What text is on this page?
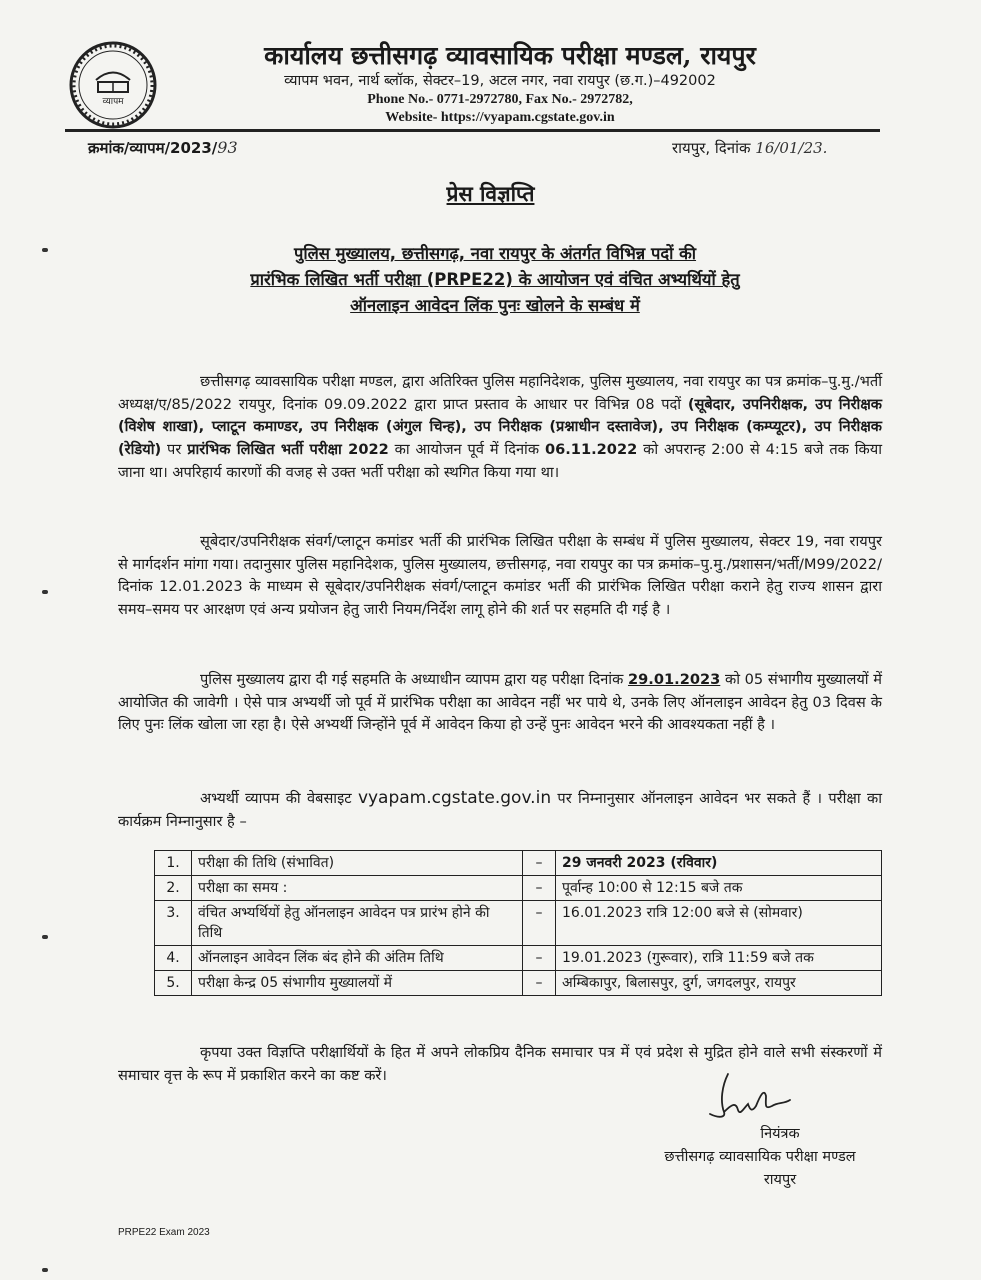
व्यापम
कार्यालय छत्तीसगढ़ व्यावसायिक परीक्षा मण्डल, रायपुर
व्यापम भवन, नार्थ ब्लॉक, सेक्टर–19, अटल नगर, नवा रायपुर (छ.ग.)–492002
Phone No.- 0771-2972780, Fax No.- 2972782,
Website- https://vyapam.cgstate.gov.in
क्रमांक/व्यापम/2023/93	रायपुर, दिनांक 16/01/23.
प्रेस विज्ञप्ति
पुलिस मुख्यालय, छत्तीसगढ़, नवा रायपुर के अंतर्गत विभिन्न पदों की
प्रारंभिक लिखित भर्ती परीक्षा (PRPE22) के आयोजन एवं वंचित अभ्यर्थियों हेतु
ऑनलाइन आवेदन लिंक पुनः खोलने के सम्बंध में

छत्तीसगढ़ व्यावसायिक परीक्षा मण्डल, द्वारा अतिरिक्त पुलिस महानिदेशक, पुलिस मुख्यालय, नवा रायपुर का पत्र क्रमांक–पु.मु./भर्ती अध्यक्ष/ए/85/2022 रायपुर, दिनांक 09.09.2022 द्वारा प्राप्त प्रस्ताव के आधार पर विभिन्न 08 पदों (सूबेदार, उपनिरीक्षक, उप निरीक्षक (विशेष शाखा), प्लाटून कमाण्डर, उप निरीक्षक (अंगुल चिन्ह), उप निरीक्षक (प्रश्नाधीन दस्तावेज), उप निरीक्षक (कम्प्यूटर), उप निरीक्षक (रेडियो) पर प्रारंभिक लिखित भर्ती परीक्षा 2022 का आयोजन पूर्व में दिनांक 06.11.2022 को अपरान्ह 2:00 से 4:15 बजे तक किया जाना था। अपरिहार्य कारणों की वजह से उक्त भर्ती परीक्षा को स्थगित किया गया था।

सूबेदार/उपनिरीक्षक संवर्ग/प्लाटून कमांडर भर्ती की प्रारंभिक लिखित परीक्षा के सम्बंध में पुलिस मुख्यालय, सेक्टर 19, नवा रायपुर से मार्गदर्शन मांगा गया। तदानुसार पुलिस महानिदेशक, पुलिस मुख्यालय, छत्तीसगढ़, नवा रायपुर का पत्र क्रमांक–पु.मु./प्रशासन/भर्ती/M99/2022/ दिनांक 12.01.2023 के माध्यम से सूबेदार/उपनिरीक्षक संवर्ग/प्लाटून कमांडर भर्ती की प्रारंभिक लिखित परीक्षा कराने हेतु राज्य शासन द्वारा समय–समय पर आरक्षण एवं अन्य प्रयोजन हेतु जारी नियम/निर्देश लागू होने की शर्त पर सहमति दी गई है ।

पुलिस मुख्यालय द्वारा दी गई सहमति के अध्याधीन व्यापम द्वारा यह परीक्षा दिनांक 29.01.2023 को 05 संभागीय मुख्यालयों में आयोजित की जावेगी । ऐसे पात्र अभ्यर्थी जो पूर्व में प्रारंभिक परीक्षा का आवेदन नहीं भर पाये थे, उनके लिए ऑनलाइन आवेदन हेतु 03 दिवस के लिए पुनः लिंक खोला जा रहा है। ऐसे अभ्यर्थी जिन्होंने पूर्व में आवेदन किया हो उन्हें पुनः आवेदन भरने की आवश्यकता नहीं है ।

अभ्यर्थी व्यापम की वेबसाइट vyapam.cgstate.gov.in पर निम्नानुसार ऑनलाइन आवेदन भर सकते हैं । परीक्षा का कार्यक्रम निम्नानुसार है –

1.	परीक्षा की तिथि (संभावित)	–	29 जनवरी 2023 (रविवार)
2.	परीक्षा का समय :	–	पूर्वान्ह 10:00 से 12:15 बजे तक
3.	वंचित अभ्यर्थियों हेतु ऑनलाइन आवेदन पत्र प्रारंभ होने की तिथि	–	16.01.2023 रात्रि 12:00 बजे से (सोमवार)
4.	ऑनलाइन आवेदन लिंक बंद होने की अंतिम तिथि	–	19.01.2023 (गुरूवार), रात्रि 11:59 बजे तक
5.	परीक्षा केन्द्र 05 संभागीय मुख्यालयों में	–	अम्बिकापुर, बिलासपुर, दुर्ग, जगदलपुर, रायपुर

कृपया उक्त विज्ञप्ति परीक्षार्थियों के हित में अपने लोकप्रिय दैनिक समाचार पत्र में एवं प्रदेश से मुद्रित होने वाले सभी संस्करणों में समाचार वृत्त के रूप में प्रकाशित करने का कष्ट करें।

नियंत्रक
छत्तीसगढ़ व्यावसायिक परीक्षा मण्डल
रायपुर
PRPE22 Exam 2023
